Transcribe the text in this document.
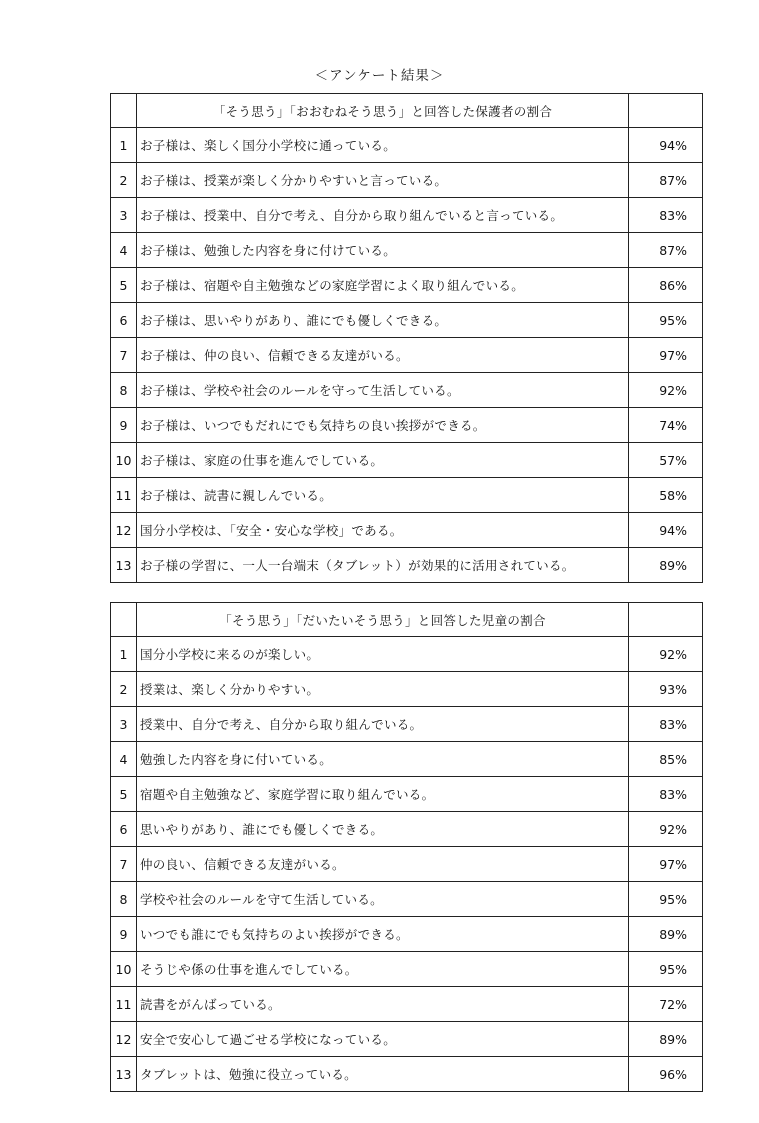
＜アンケート結果＞
	「そう思う」「おおむねそう思う」と回答した保護者の割合	
1	お子様は、楽しく国分小学校に通っている。	94%
2	お子様は、授業が楽しく分かりやすいと言っている。	87%
3	お子様は、授業中、自分で考え、自分から取り組んでいると言っている。	83%
4	お子様は、勉強した内容を身に付けている。	87%
5	お子様は、宿題や自主勉強などの家庭学習によく取り組んでいる。	86%
6	お子様は、思いやりがあり、誰にでも優しくできる。	95%
7	お子様は、仲の良い、信頼できる友達がいる。	97%
8	お子様は、学校や社会のルールを守って生活している。	92%
9	お子様は、いつでもだれにでも気持ちの良い挨拶ができる。	74%
10	お子様は、家庭の仕事を進んでしている。	57%
11	お子様は、読書に親しんでいる。	58%
12	国分小学校は、「安全・安心な学校」である。	94%
13	お子様の学習に、一人一台端末（タブレット）が効果的に活用されている。	89%
	「そう思う」「だいたいそう思う」と回答した児童の割合	
1	国分小学校に来るのが楽しい。	92%
2	授業は、楽しく分かりやすい。	93%
3	授業中、自分で考え、自分から取り組んでいる。	83%
4	勉強した内容を身に付いている。	85%
5	宿題や自主勉強など、家庭学習に取り組んでいる。	83%
6	思いやりがあり、誰にでも優しくできる。	92%
7	仲の良い、信頼できる友達がいる。	97%
8	学校や社会のルールを守て生活している。	95%
9	いつでも誰にでも気持ちのよい挨拶ができる。	89%
10	そうじや係の仕事を進んでしている。	95%
11	読書をがんばっている。	72%
12	安全で安心して過ごせる学校になっている。	89%
13	タブレットは、勉強に役立っている。	96%
